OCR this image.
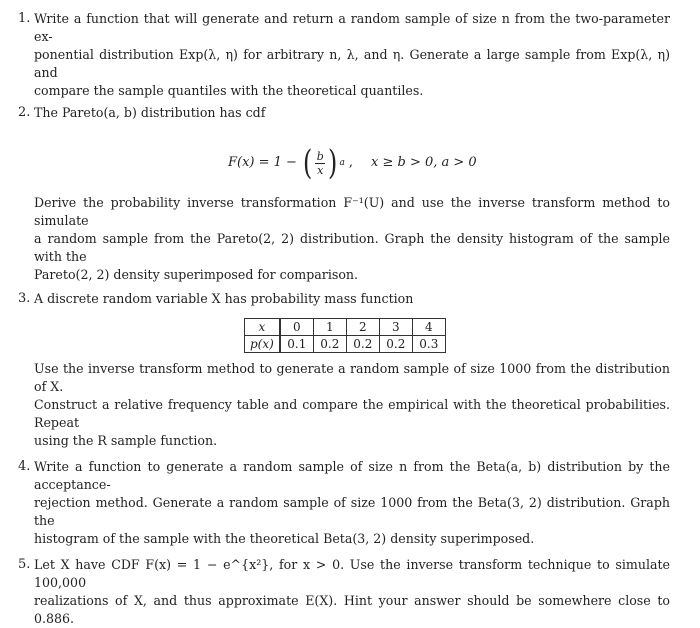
1. Write a function that will generate and return a random sample of size n from the two-parameter ex-
ponential distribution Exp(λ, η) for arbitrary n, λ, and η. Generate a large sample from Exp(λ, η) and
compare the sample quantiles with the theoretical quantiles.
2. The Pareto(a, b) distribution has cdf
F(x) = 1 − ( $\frac{b}{x}$ ) a , x ≥ b > 0, a > 0
Derive the probability inverse transformation F⁻¹(U) and use the inverse transform method to simulate
a random sample from the Pareto(2, 2) distribution. Graph the density histogram of the sample with the
Pareto(2, 2) density superimposed for comparison.
3. A discrete random variable X has probability mass function
x	0	1	2	3	4
p(x)	0.1	0.2	0.2	0.2	0.3
Use the inverse transform method to generate a random sample of size 1000 from the distribution of X.
Construct a relative frequency table and compare the empirical with the theoretical probabilities. Repeat
using the R sample function.
4. Write a function to generate a random sample of size n from the Beta(a, b) distribution by the acceptance-
rejection method. Generate a random sample of size 1000 from the Beta(3, 2) distribution. Graph the
histogram of the sample with the theoretical Beta(3, 2) density superimposed.
5. Let X have CDF F(x) = 1 − e^{x²}, for x > 0. Use the inverse transform technique to simulate 100,000
realizations of X, and thus approximate E(X). Hint your answer should be somewhere close to 0.886.
